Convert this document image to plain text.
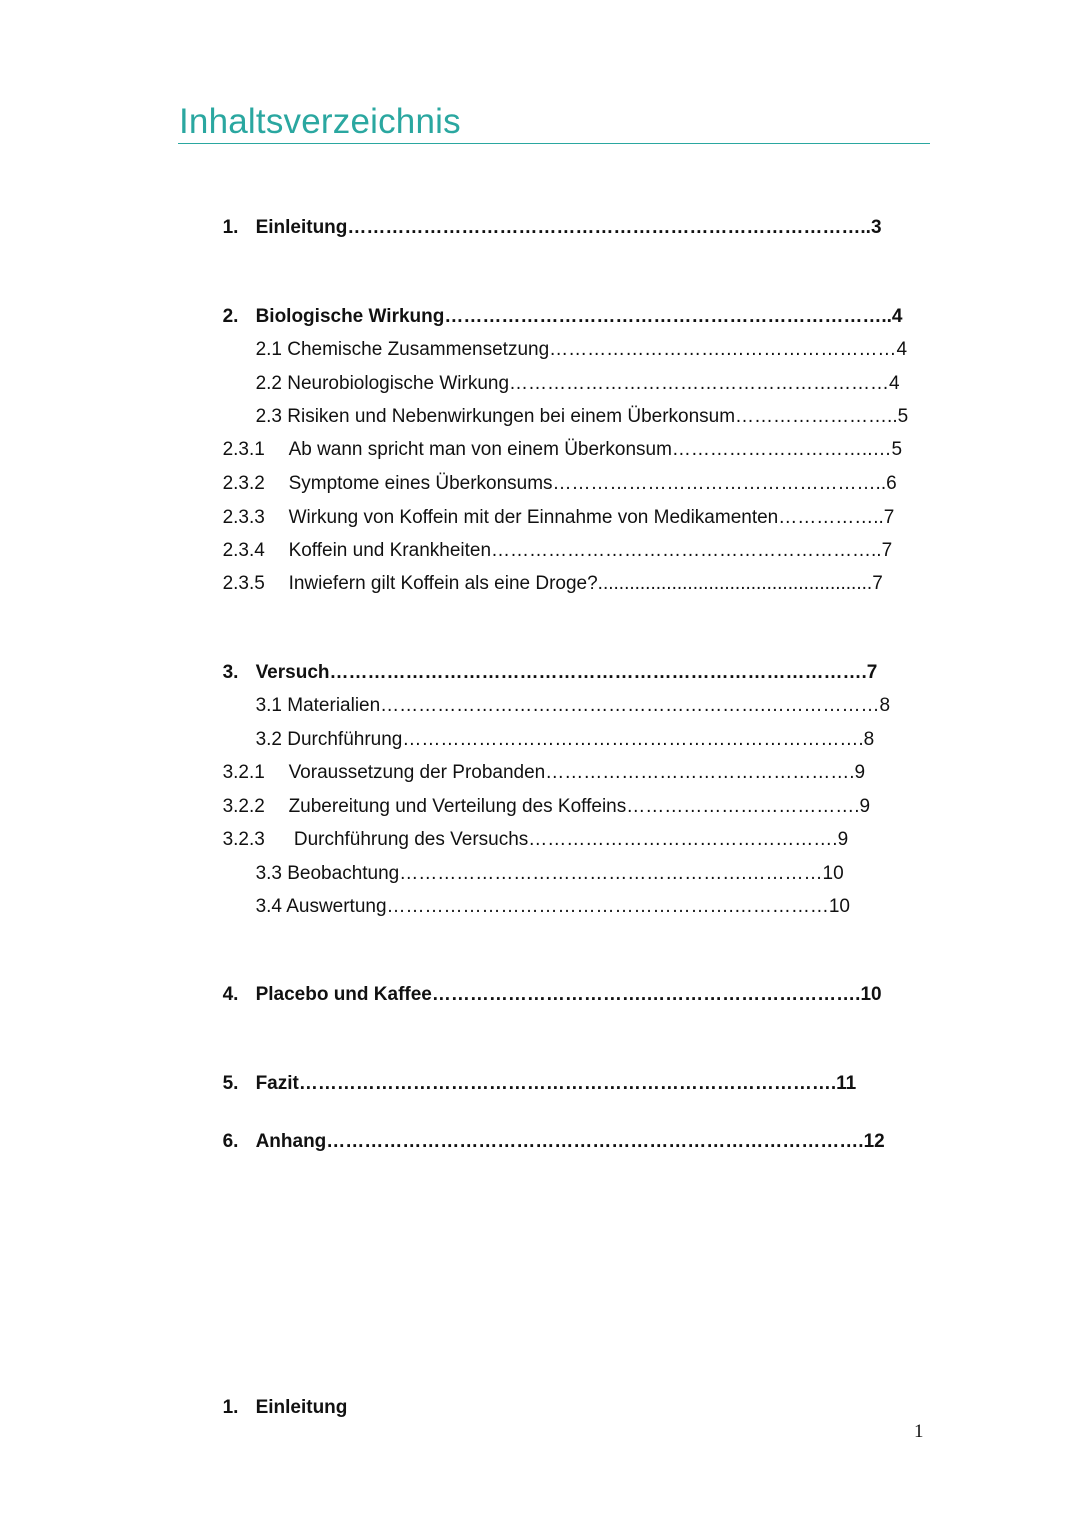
Inhaltsverzeichnis

1. Einleitung………………………………………………………………………..3

2. Biologische Wirkung……………………………………………………………..4

2.1 Chemische Zusammensetzung……………………….………………………4

2.2 Neurobiologische Wirkung……………………………………………………4

2.3 Risiken und Nebenwirkungen bei einem Überkonsum……………………..5

2.3.1 Ab wann spricht man von einem Überkonsum…………………………..…5

2.3.2 Symptome eines Überkonsums……………………………………………..6

2.3.3 Wirkung von Koffein mit der Einnahme von Medikamenten……………..7

2.3.4 Koffein und Krankheiten……………………………………………………..7

2.3.5 Inwiefern gilt Koffein als eine Droge?....................................................7

3. Versuch………………………………………………………………………….7

3.1 Materialien…………………………………………………….………………8

3.2 Durchführung……………………………………………………………….8

3.2.1 Voraussetzung der Probanden………………………………………….9

3.2.2 Zubereitung und Verteilung des Koffeins……………………………….9

3.2.3 Durchführung des Versuchs………………………………………….9

3.3 Beobachtung……………………………………………….…………10

3.4 Auswertung……………………………………………….……………10

4. Placebo und Kaffee…………………………….…………………………….10

5. Fazit………………………………………………………………………….11

6. Anhang………………………………………………………………………….12

1. Einleitung

1
